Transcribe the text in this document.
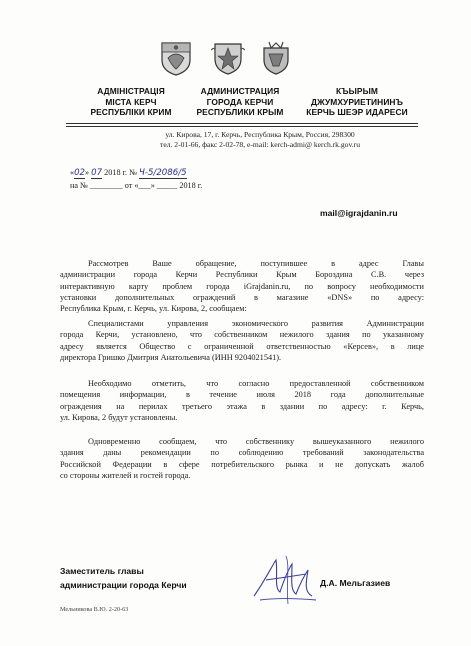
АДМІНІСТРАЦІЯ
МІСТА КЕРЧ
РЕСПУБЛІКИ КРИМ
АДМИНИСТРАЦИЯ
ГОРОДА КЕРЧИ
РЕСПУБЛИКИ КРЫМ
КЪЫРЫМ
ДЖУМХУРИЕТИНИНЪ
КЕРЧЬ ШЕЭР ИДАРЕСИ
ул. Кирова, 17, г. Керчь, Республика Крым, Россия, 298300
тел. 2-01-66, факс 2-02-78, e-mail: kerch-admi@ kerch.rk.gov.ru
«02» 07 2018 г. № Ч-5/2086/5
на № ________ от «___» _____ 2018 г.
mail@igrajdanin.ru
Рассмотрев Ваше обращение, поступившее в адрес Главы
администрации города Керчи Республики Крым Бороздина С.В. через
интерактивную карту проблем города iGrajdanin.ru, по вопросу необходимости
установки дополнительных ограждений в магазине «DNS» по адресу:
Республика Крым, г. Керчь, ул. Кирова, 2, сообщаем:
Специалистами управления экономического развития Администрации
города Керчи, установлено, что собственником нежилого здания по указанному
адресу является Общество с ограниченной ответственностью «Керсев», в лице
директора Гришко Дмитрия Анатольевича (ИНН 9204021541).
Необходимо отметить, что согласно предоставленной собственником
помещения информации, в течение июля 2018 года дополнительные
ограждения на перилах третьего этажа в здании по адресу: г. Керчь,
ул. Кирова, 2 будут установлены.
Одновременно сообщаем, что собственнику вышеуказанного нежилого
здания даны рекомендации по соблюдению требований законодательства
Российской Федерации в сфере потребительского рынка и не допускать жалоб
со стороны жителей и гостей города.
Заместитель главы
администрации города Керчи	Д.А. Мельгазиев
Мельникова В.Ю. 2-20-63
